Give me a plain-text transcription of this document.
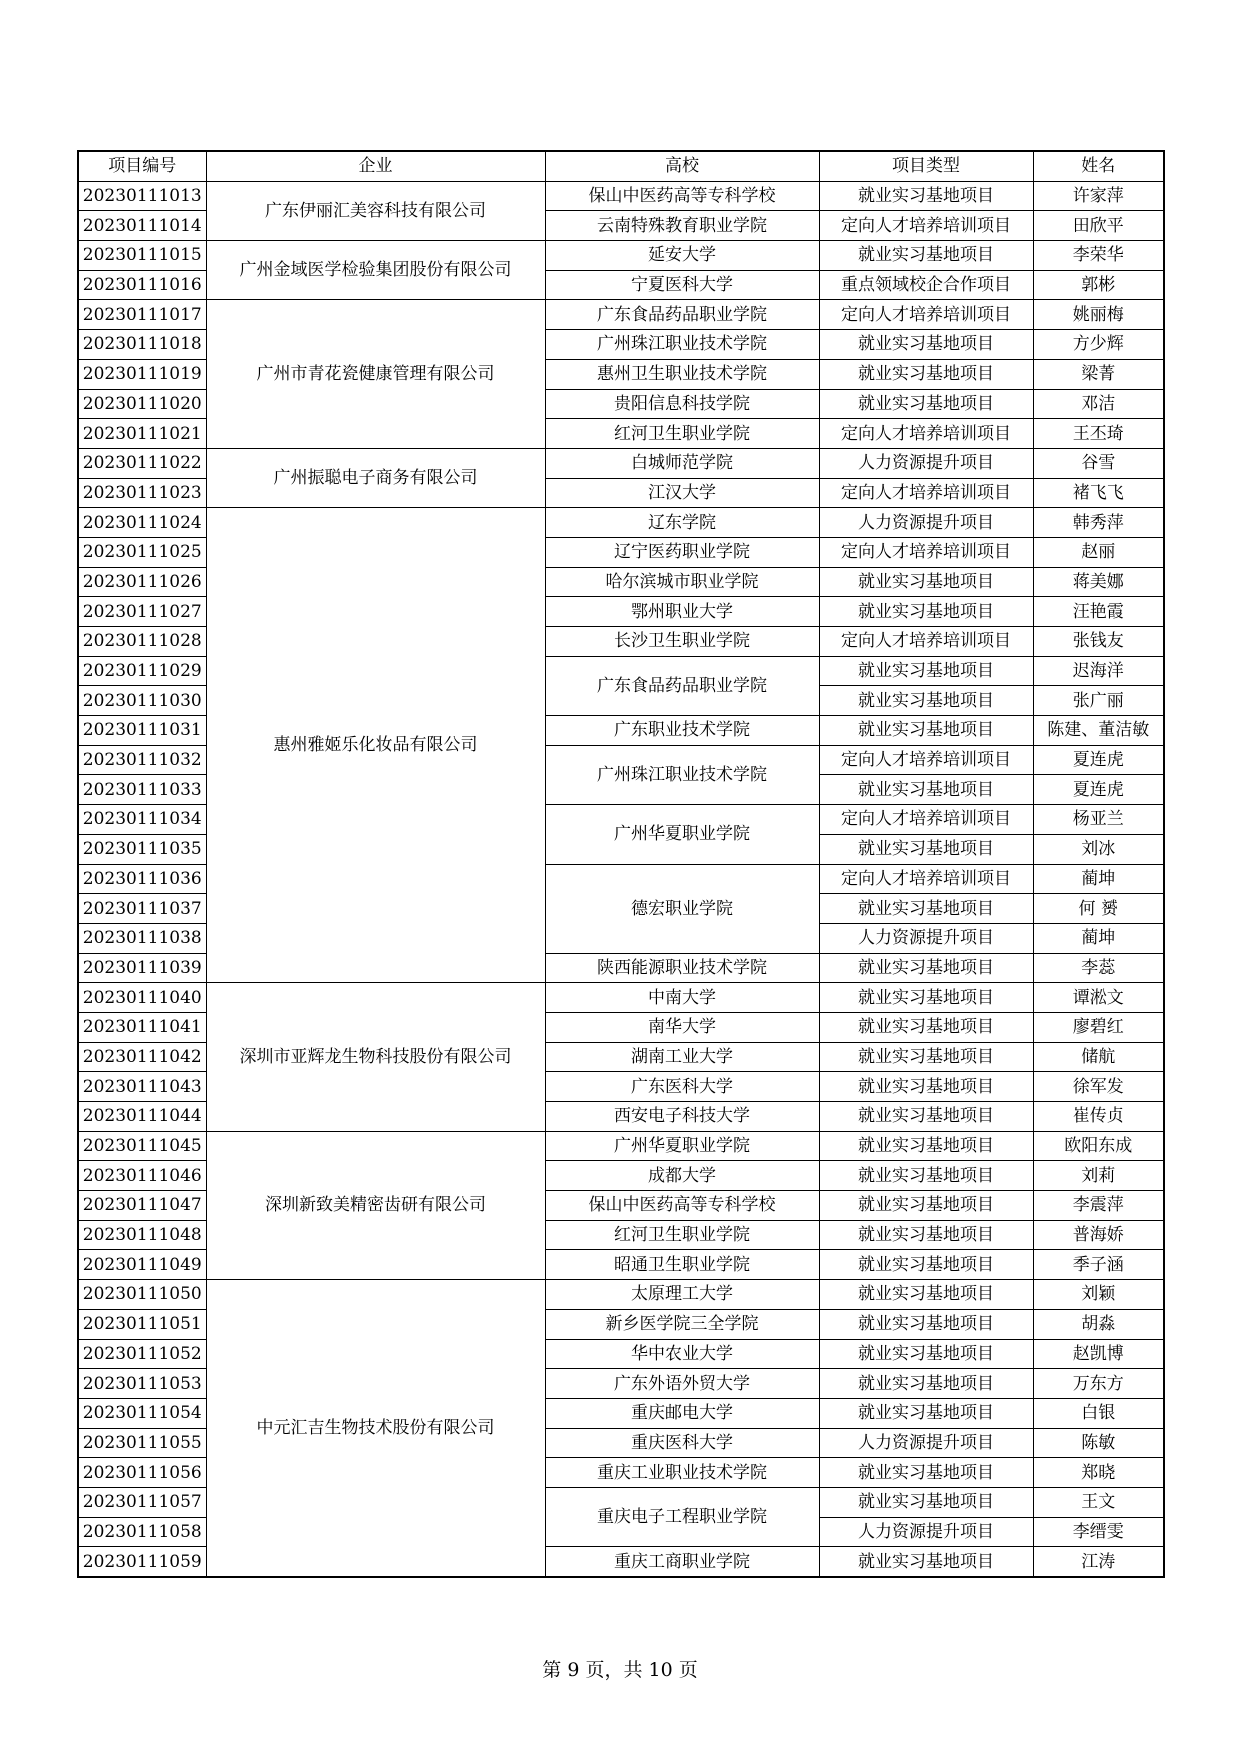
项目编号	企业	高校	项目类型	姓名
20230111013	广东伊丽汇美容科技有限公司	保山中医药高等专科学校	就业实习基地项目	许家萍
20230111014		云南特殊教育职业学院	定向人才培养培训项目	田欣平
20230111015	广州金域医学检验集团股份有限公司	延安大学	就业实习基地项目	李荣华
20230111016		宁夏医科大学	重点领域校企合作项目	郭彬
20230111017	广州市青花瓷健康管理有限公司	广东食品药品职业学院	定向人才培养培训项目	姚丽梅
20230111018		广州珠江职业技术学院	就业实习基地项目	方少辉
20230111019		惠州卫生职业技术学院	就业实习基地项目	梁菁
20230111020		贵阳信息科技学院	就业实习基地项目	邓洁
20230111021		红河卫生职业学院	定向人才培养培训项目	王丕琦
20230111022	广州振聪电子商务有限公司	白城师范学院	人力资源提升项目	谷雪
20230111023		江汉大学	定向人才培养培训项目	褚飞飞
20230111024	惠州雅姬乐化妆品有限公司	辽东学院	人力资源提升项目	韩秀萍
20230111025		辽宁医药职业学院	定向人才培养培训项目	赵丽
20230111026		哈尔滨城市职业学院	就业实习基地项目	蒋美娜
20230111027		鄂州职业大学	就业实习基地项目	汪艳霞
20230111028		长沙卫生职业学院	定向人才培养培训项目	张钱友
20230111029		广东食品药品职业学院	就业实习基地项目	迟海洋
20230111030			就业实习基地项目	张广丽
20230111031		广东职业技术学院	就业实习基地项目	陈建、董洁敏
20230111032		广州珠江职业技术学院	定向人才培养培训项目	夏连虎
20230111033			就业实习基地项目	夏连虎
20230111034		广州华夏职业学院	定向人才培养培训项目	杨亚兰
20230111035			就业实习基地项目	刘冰
20230111036		德宏职业学院	定向人才培养培训项目	蔺坤
20230111037			就业实习基地项目	何 赟
20230111038			人力资源提升项目	蔺坤
20230111039		陕西能源职业技术学院	就业实习基地项目	李蕊
20230111040	深圳市亚辉龙生物科技股份有限公司	中南大学	就业实习基地项目	谭淞文
20230111041		南华大学	就业实习基地项目	廖碧红
20230111042		湖南工业大学	就业实习基地项目	储航
20230111043		广东医科大学	就业实习基地项目	徐军发
20230111044		西安电子科技大学	就业实习基地项目	崔传贞
20230111045	深圳新致美精密齿研有限公司	广州华夏职业学院	就业实习基地项目	欧阳东成
20230111046		成都大学	就业实习基地项目	刘莉
20230111047		保山中医药高等专科学校	就业实习基地项目	李震萍
20230111048		红河卫生职业学院	就业实习基地项目	普海娇
20230111049		昭通卫生职业学院	就业实习基地项目	季子涵
20230111050	中元汇吉生物技术股份有限公司	太原理工大学	就业实习基地项目	刘颖
20230111051		新乡医学院三全学院	就业实习基地项目	胡淼
20230111052		华中农业大学	就业实习基地项目	赵凯博
20230111053		广东外语外贸大学	就业实习基地项目	万东方
20230111054		重庆邮电大学	就业实习基地项目	白银
20230111055		重庆医科大学	人力资源提升项目	陈敏
20230111056		重庆工业职业技术学院	就业实习基地项目	郑晓
20230111057		重庆电子工程职业学院	就业实习基地项目	王文
20230111058			人力资源提升项目	李缙雯
20230111059		重庆工商职业学院	就业实习基地项目	江涛
第 9 页，共 10 页
